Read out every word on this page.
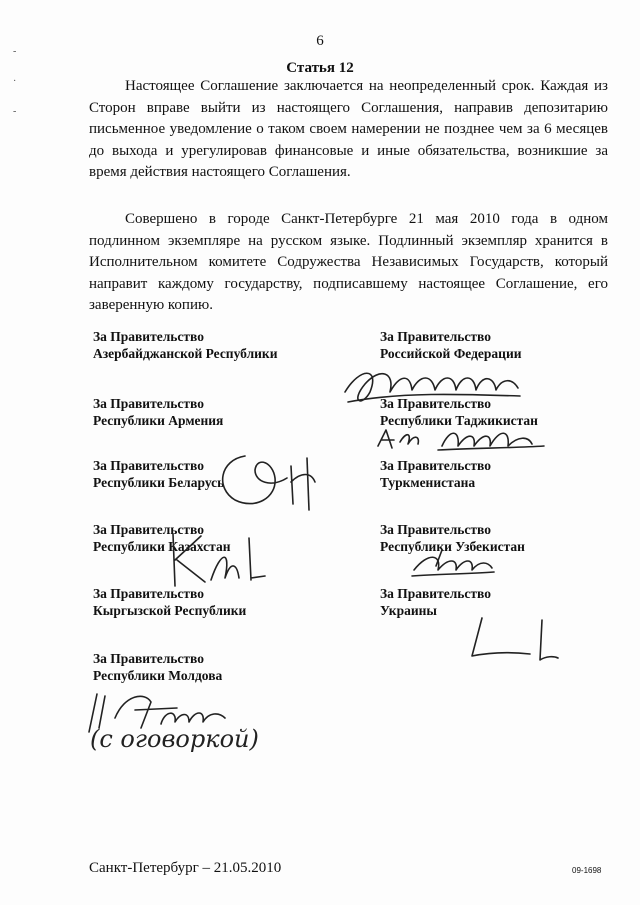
-
·
-
6
Статья 12

Настоящее Соглашение заключается на неопределенный срок. Каждая из Сторон вправе выйти из настоящего Соглашения, направив депозитарию письменное уведомление о таком своем намерении не позднее чем за 6 месяцев до выхода и урегулировав финансовые и иные обязательства, возникшие за время действия настоящего Соглашения.

Совершено в городе Санкт-Петербурге 21 мая 2010 года в одном подлинном экземпляре на русском языке. Подлинный экземпляр хранится в Исполнительном комитете Содружества Независимых Государств, который направит каждому государству, подписавшему настоящее Соглашение, его заверенную копию.

За Правительство
Азербайджанской Республики
За Правительство
Республики Армения
За Правительство
Республики Беларусь
За Правительство
Республики Казахстан
За Правительство
Кыргызской Республики
За Правительство
Республики Молдова
За Правительство
Российской Федерации
За Правительство
Республики Таджикистан
За Правительство
Туркменистана
За Правительство
Республики Узбекистан
За Правительство
Украины
(с оговоркой)
Санкт-Петербург – 21.05.2010	09-1698
